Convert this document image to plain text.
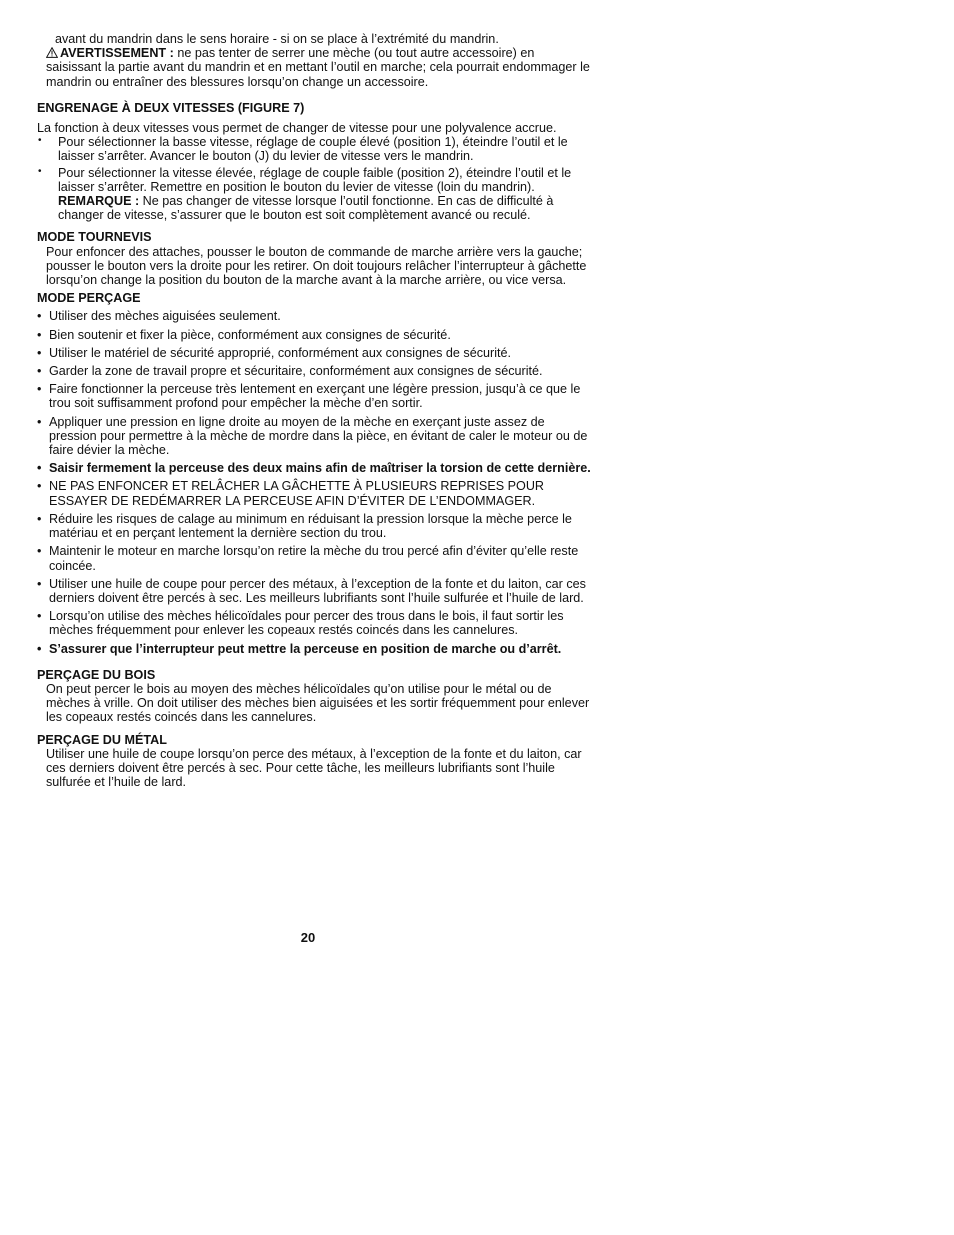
avant du mandrin dans le sens horaire - si on se place à l’extrémité du mandrin.

AVERTISSEMENT : ne pas tenter de serrer une mèche (ou tout autre accessoire) en saisissant la partie avant du mandrin et en mettant l’outil en marche; cela pourrait endommager le mandrin ou entraîner des blessures lorsqu’on change un accessoire.

ENGRENAGE À DEUX VITESSES (FIGURE 7)

La fonction à deux vitesses vous permet de changer de vitesse pour une polyvalence accrue.

• Pour sélectionner la basse vitesse, réglage de couple élevé (position 1), éteindre l’outil et le laisser s’arrêter. Avancer le bouton (J) du levier de vitesse vers le mandrin.
• Pour sélectionner la vitesse élevée, réglage de couple faible (position 2), éteindre l’outil et le laisser s’arrêter. Remettre en position le bouton du levier de vitesse (loin du mandrin). REMARQUE : Ne pas changer de vitesse lorsque l’outil fonctionne. En cas de difficulté à changer de vitesse, s’assurer que le bouton est soit complètement avancé ou reculé.

MODE TOURNEVIS

Pour enfoncer des attaches, pousser le bouton de commande de marche arrière vers la gauche; pousser le bouton vers la droite pour les retirer. On doit toujours relâcher l’interrupteur à gâchette lorsqu’on change la position du bouton de la marche avant à la marche arrière, ou vice versa.

MODE PERÇAGE

• Utiliser des mèches aiguisées seulement.
• Bien soutenir et fixer la pièce, conformément aux consignes de sécurité.
• Utiliser le matériel de sécurité approprié, conformément aux consignes de sécurité.
• Garder la zone de travail propre et sécuritaire, conformément aux consignes de sécurité.
• Faire fonctionner la perceuse très lentement en exerçant une légère pression, jusqu’à ce que le trou soit suffisamment profond pour empêcher la mèche d’en sortir.
• Appliquer une pression en ligne droite au moyen de la mèche en exerçant juste assez de pression pour permettre à la mèche de mordre dans la pièce, en évitant de caler le moteur ou de faire dévier la mèche.
• Saisir fermement la perceuse des deux mains afin de maîtriser la torsion de cette dernière.
• NE PAS ENFONCER ET RELÂCHER LA GÂCHETTE À PLUSIEURS REPRISES POUR ESSAYER DE REDÉMARRER LA PERCEUSE AFIN D’ÉVITER DE L’ENDOMMAGER.
• Réduire les risques de calage au minimum en réduisant la pression lorsque la mèche perce le matériau et en perçant lentement la dernière section du trou.
• Maintenir le moteur en marche lorsqu’on retire la mèche du trou percé afin d’éviter qu’elle reste coincée.
• Utiliser une huile de coupe pour percer des métaux, à l’exception de la fonte et du laiton, car ces derniers doivent être percés à sec. Les meilleurs lubrifiants sont l’huile sulfurée et l’huile de lard.
• Lorsqu’on utilise des mèches hélicoïdales pour percer des trous dans le bois, il faut sortir les mèches fréquemment pour enlever les copeaux restés coincés dans les cannelures.
• S’assurer que l’interrupteur peut mettre la perceuse en position de marche ou d’arrêt.

PERÇAGE DU BOIS

On peut percer le bois au moyen des mèches hélicoïdales qu’on utilise pour le métal ou de mèches à vrille. On doit utiliser des mèches bien aiguisées et les sortir fréquemment pour enlever les copeaux restés coincés dans les cannelures.

PERÇAGE DU MÉTAL

Utiliser une huile de coupe lorsqu’on perce des métaux, à l’exception de la fonte et du laiton, car ces derniers doivent être percés à sec. Pour cette tâche, les meilleurs lubrifiants sont l’huile sulfurée et l’huile de lard.

20
